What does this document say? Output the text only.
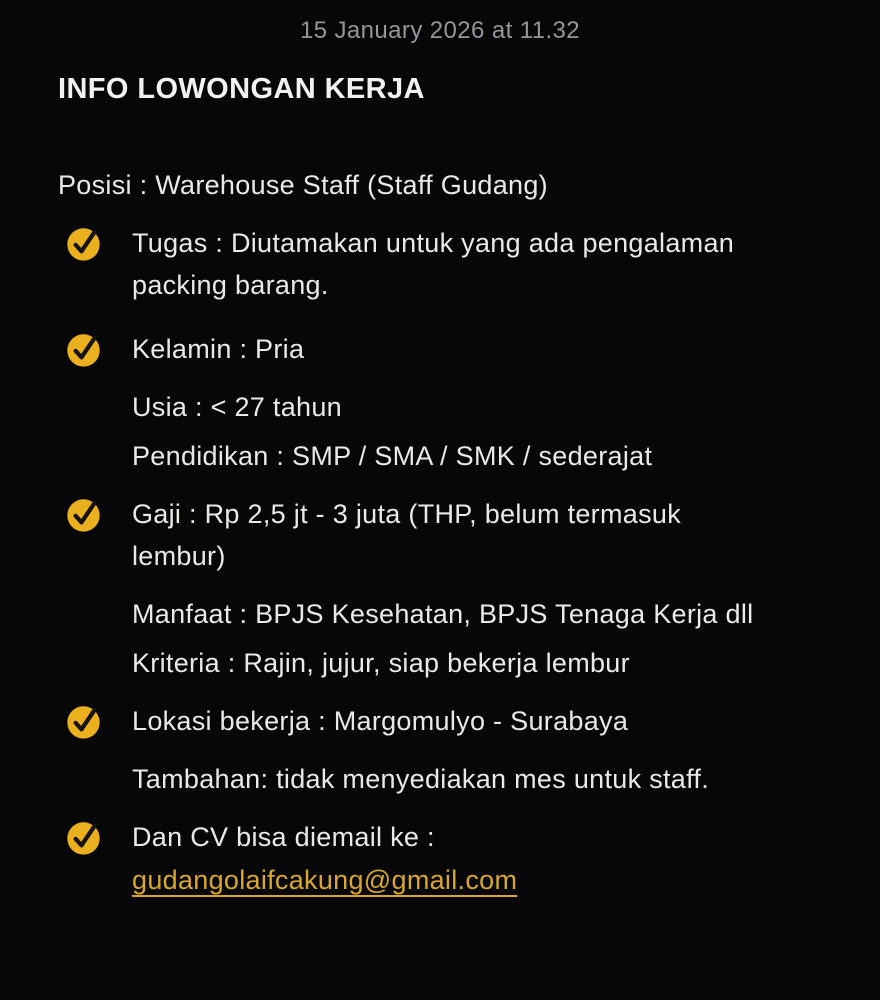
15 January 2026 at 11.32
INFO LOWONGAN KERJA
Posisi : Warehouse Staff (Staff Gudang)
Tugas : Diutamakan untuk yang ada pengalaman
packing barang.
Kelamin : Pria
Usia : < 27 tahun
Pendidikan : SMP / SMA / SMK / sederajat
Gaji : Rp 2,5 jt - 3 juta (THP, belum termasuk
lembur)
Manfaat : BPJS Kesehatan, BPJS Tenaga Kerja dll
Kriteria : Rajin, jujur, siap bekerja lembur
Lokasi bekerja : Margomulyo - Surabaya
Tambahan: tidak menyediakan mes untuk staff.
Dan CV bisa diemail ke :
gudangolaifcakung@gmail.com
